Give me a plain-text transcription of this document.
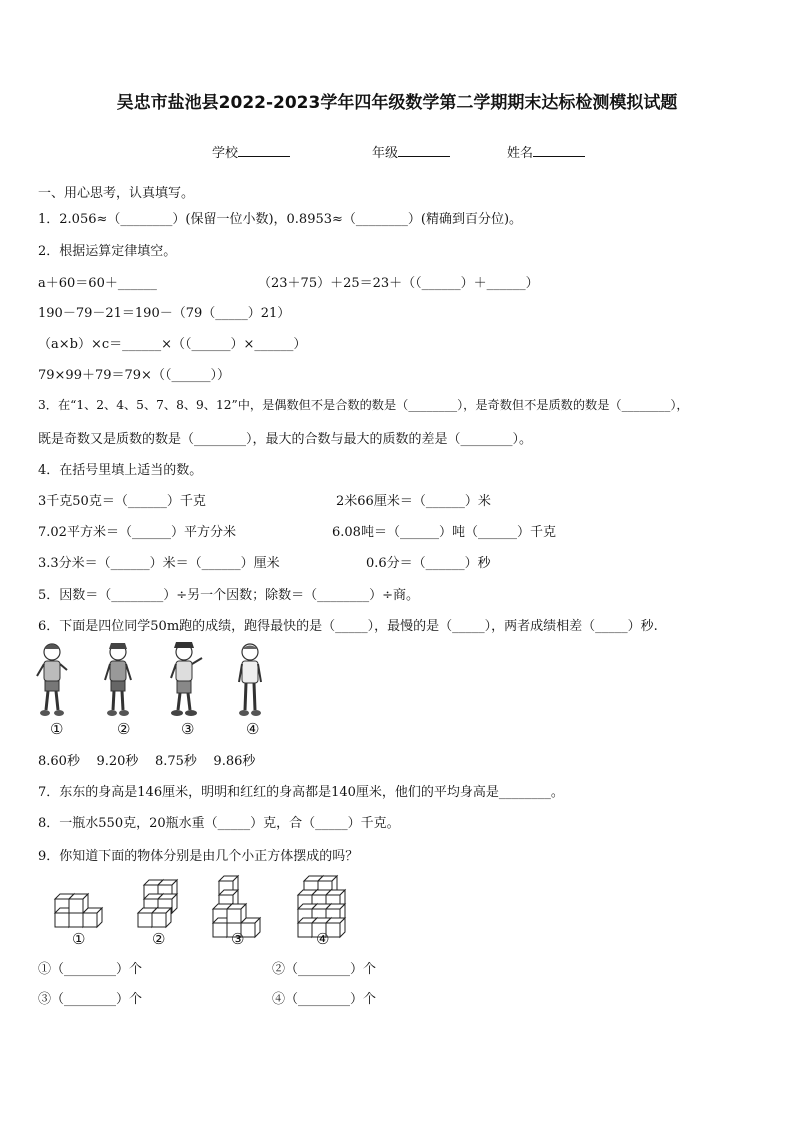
吴忠市盐池县2022-2023学年四年级数学第二学期期末达标检测模拟试题
学校	年级	姓名
一、用心思考，认真填写。
1．2.056≈（________）(保留一位小数)，0.8953≈（________）(精确到百分位)。
2．根据运算定律填空。
a＋60＝60＋______	（23＋75）＋25＝23＋（（______）＋______）
190－79－21＝190－（79（_____）21）
（a×b）×c＝______×（（______）×______）
79×99＋79＝79×（（______））
3．在“1、2、4、5、7、8、9、12”中，是偶数但不是合数的数是（________），是奇数但不是质数的数是（________），
既是奇数又是质数的数是（________），最大的合数与最大的质数的差是（________）。
4．在括号里填上适当的数。
3千克50克＝（______）千克	2米66厘米＝（______）米
7.02平方米＝（______）平方分米	6.08吨＝（______）吨（______）千克
3.3分米＝（______）米＝（______）厘米	0.6分＝（______）秒
5．因数＝（________）÷另一个因数；除数＝（________）÷商。
6．下面是四位同学50m跑的成绩，跑得最快的是（_____），最慢的是（_____），两者成绩相差（_____）秒.
①	②	③	④
8.60秒    9.20秒    8.75秒    9.86秒
7．东东的身高是146厘米，明明和红红的身高都是140厘米，他们的平均身高是________。
8．一瓶水550克，20瓶水重（_____）克，合（_____）千克。
9．你知道下面的物体分别是由几个小正方体摆成的吗？
①	②	③	④
①（________）个	②（________）个
③（________）个	④（________）个
